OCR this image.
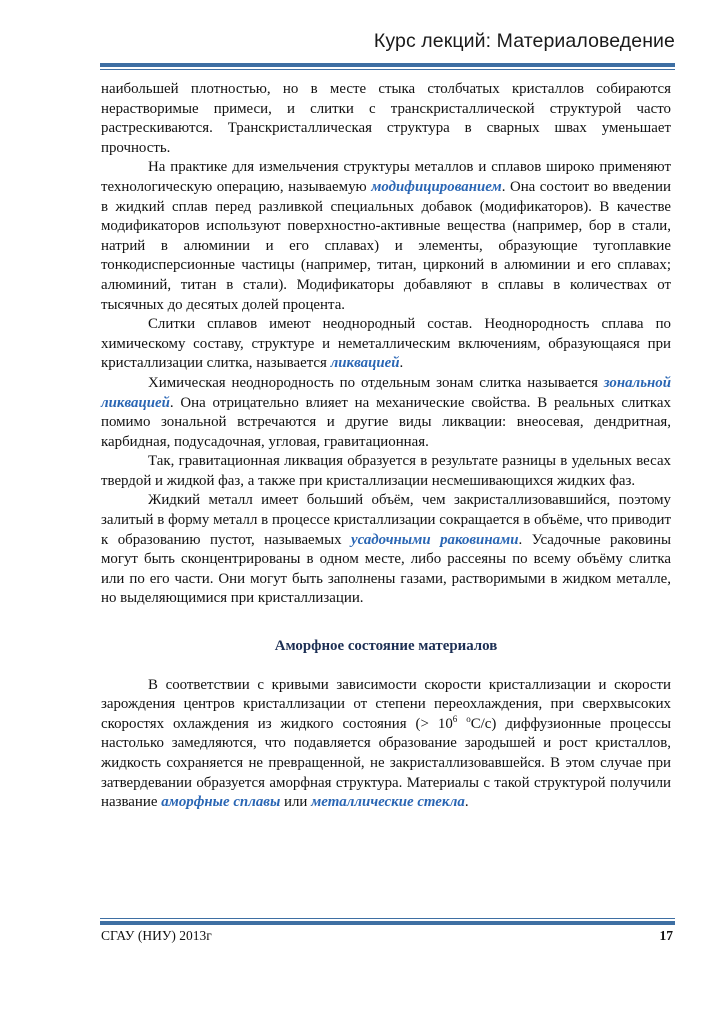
Курс лекций: Материаловедение

наибольшей плотностью, но в месте стыка столбчатых кристаллов собираются нерастворимые примеси, и слитки с транскристаллической структурой часто растрескиваются. Транскристаллическая структура в сварных швах уменьшает прочность.

На практике для измельчения структуры металлов и сплавов широко применяют технологическую операцию, называемую модифицированием. Она состоит во введении в жидкий сплав перед разливкой специальных добавок (модификаторов). В качестве модификаторов используют поверхностно-активные вещества (например, бор в стали, натрий в алюминии и его сплавах) и элементы, образующие тугоплавкие тонкодисперсионные частицы (например, титан, цирконий в алюминии и его сплавах; алюминий, титан в стали). Модификаторы добавляют в сплавы в количествах от тысячных до десятых долей процента.

Слитки сплавов имеют неоднородный состав. Неоднородность сплава по химическому составу, структуре и неметаллическим включениям, образующаяся при кристаллизации слитка, называется ликвацией.

Химическая неоднородность по отдельным зонам слитка называется зональной ликвацией. Она отрицательно влияет на механические свойства. В реальных слитках помимо зональной встречаются и другие виды ликвации: внеосевая, дендритная, карбидная, подусадочная, угловая, гравитационная.

Так, гравитационная ликвация образуется в результате разницы в удельных весах твердой и жидкой фаз, а также при кристаллизации несмешивающихся жидких фаз.

Жидкий металл имеет больший объём, чем закристаллизовавшийся, поэтому залитый в форму металл в процессе кристаллизации сокращается в объёме, что приводит к образованию пустот, называемых усадочными раковинами. Усадочные раковины могут быть сконцентрированы в одном месте, либо рассеяны по всему объёму слитка или по его части. Они могут быть заполнены газами, растворимыми в жидком металле, но выделяющимися при кристаллизации.

Аморфное состояние материалов

В соответствии с кривыми зависимости скорости кристаллизации и скорости зарождения центров кристаллизации от степени переохлаждения, при сверхвысоких скоростях охлаждения из жидкого состояния (> $10^6$ $^о$С/с) диффузионные процессы настолько замедляются, что подавляется образование зародышей и рост кристаллов, жидкость сохраняется не превращенной, не закристаллизовавшейся. В этом случае при затвердевании образуется аморфная структура. Материалы с такой структурой получили название аморфные сплавы или металлические стекла.

СГАУ (НИУ) 2013г	17
